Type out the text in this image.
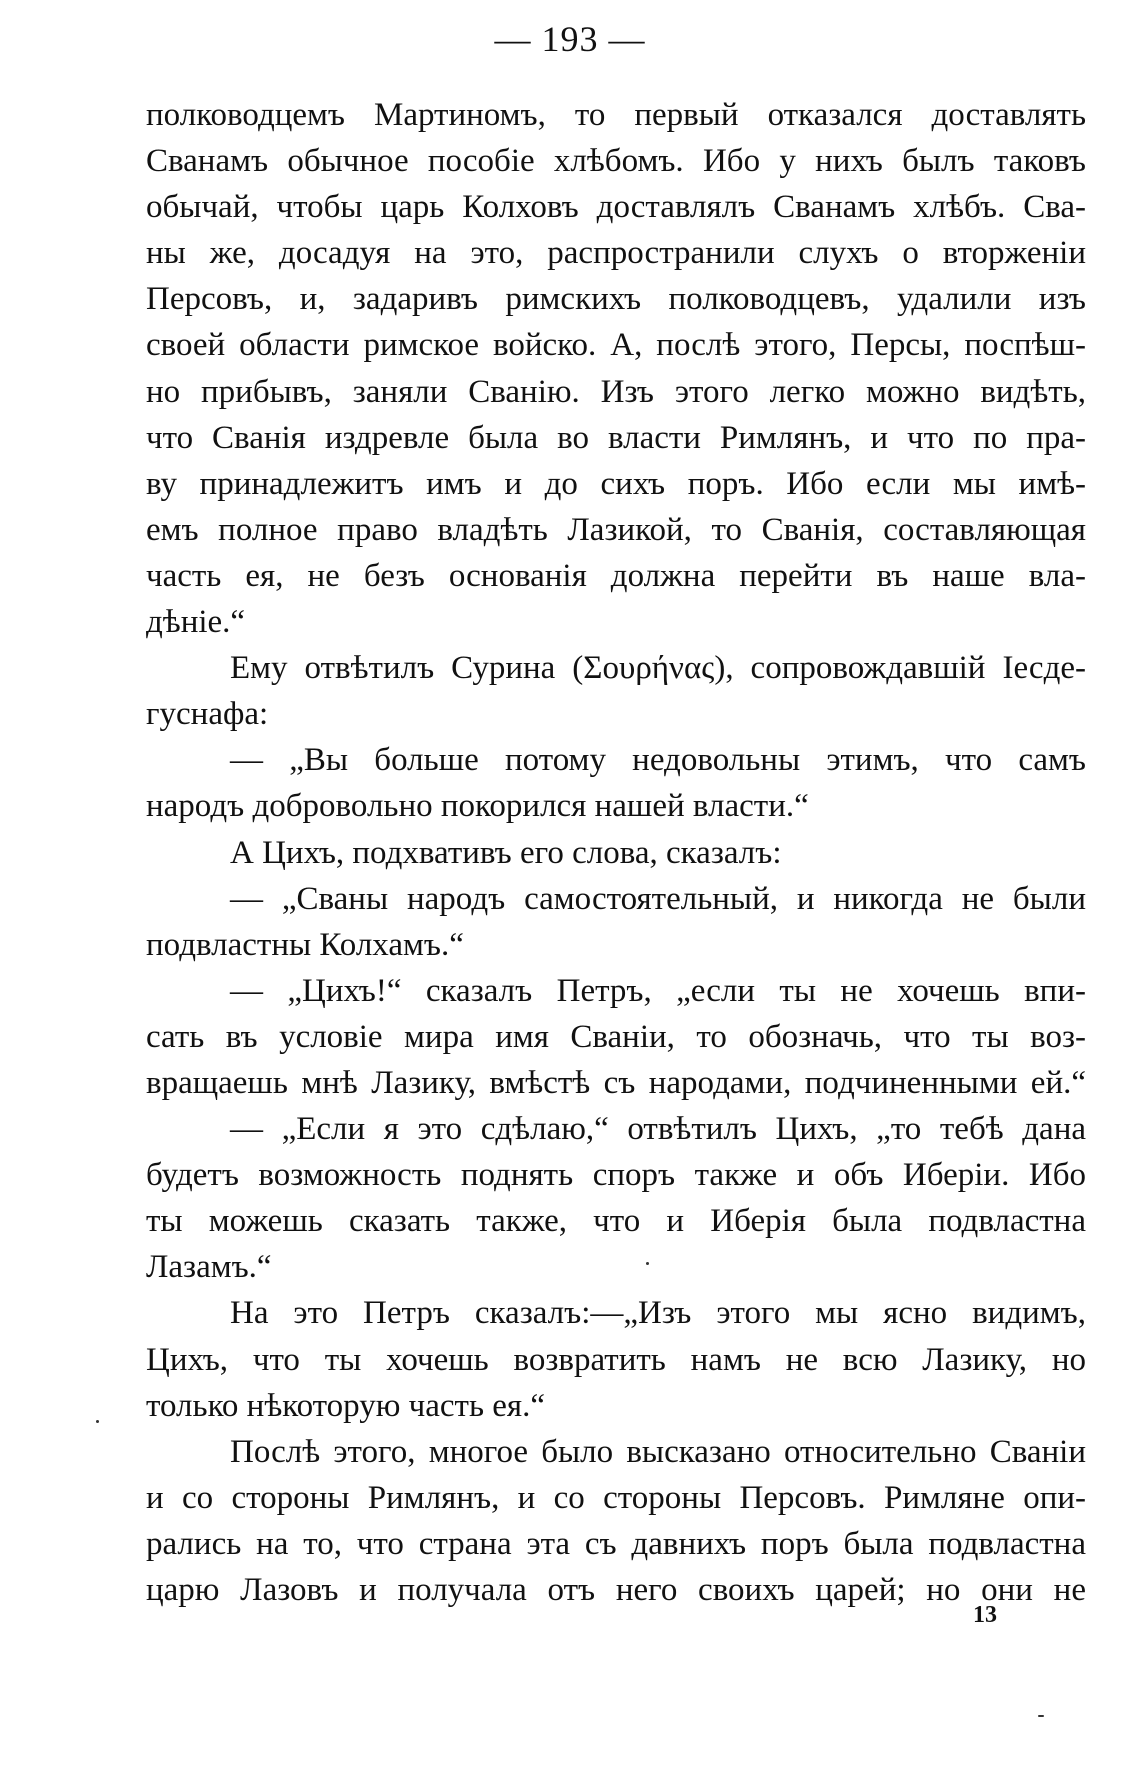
— 193 —
полководцемъ Мартиномъ, то первый отказался доставлять
Сванамъ обычное пособіе хлѣбомъ. Ибо у нихъ былъ таковъ
обычай, чтобы царь Колховъ доставлялъ Сванамъ хлѣбъ. Сва-
ны же, досадуя на это, распространили слухъ о вторженіи
Персовъ, и, задаривъ римскихъ полководцевъ, удалили изъ
своей области римское войско. А, послѣ этого, Персы, поспѣш-
но прибывъ, заняли Сванію. Изъ этого легко можно видѣть,
что Сванія издревле была во власти Римлянъ, и что по пра-
ву принадлежитъ имъ и до сихъ поръ. Ибо если мы имѣ-
емъ полное право владѣть Лазикой, то Сванія, составляющая
часть ея, не безъ основанія должна перейти въ наше вла-
дѣніе.“
Ему отвѣтилъ Сурина (Σουρήνας), сопровождавшій Іесде-
гуснафа:
— „Вы больше потому недовольны этимъ, что самъ
народъ добровольно покорился нашей власти.“
А Цихъ, подхвативъ его слова, сказалъ:
— „Сваны народъ самостоятельный, и никогда не были
подвластны Колхамъ.“
— „Цихъ!“ сказалъ Петръ, „если ты не хочешь впи-
сать въ условіе мира имя Сваніи, то обозначь, что ты воз-
вращаешь мнѣ Лазику, вмѣстѣ съ народами, подчиненными ей.“
— „Если я это сдѣлаю,“ отвѣтилъ Цихъ, „то тебѣ дана
будетъ возможность поднять споръ также и объ Иберіи. Ибо
ты можешь сказать также, что и Иберія была подвластна
Лазамъ.“
На это Петръ сказалъ:—„Изъ этого мы ясно видимъ,
Цихъ, что ты хочешь возвратить намъ не всю Лазику, но
только нѣкоторую часть ея.“
Послѣ этого, многое было высказано относительно Сваніи
и со стороны Римлянъ, и со стороны Персовъ. Римляне опи-
рались на то, что страна эта съ давнихъ поръ была подвластна
царю Лазовъ и получала отъ него своихъ царей; но они не
13
